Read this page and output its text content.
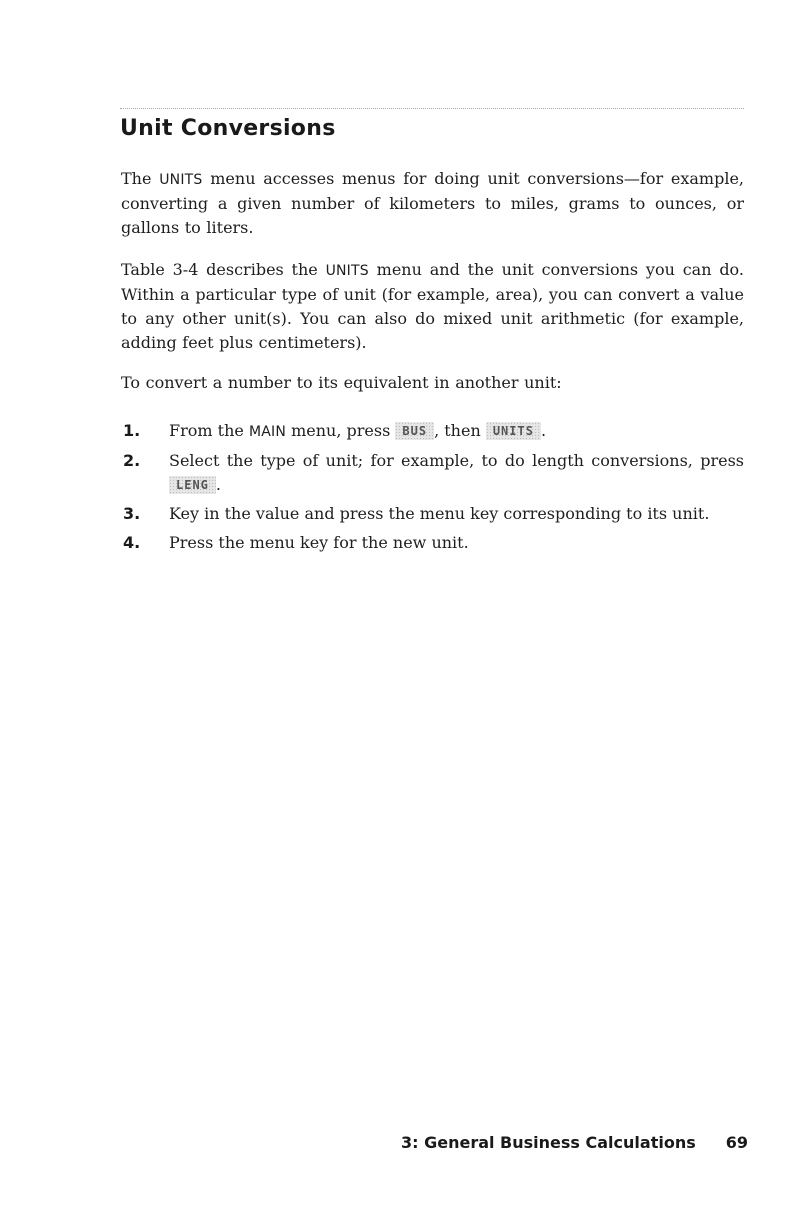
Unit Conversions

The UNITS menu accesses menus for doing unit conversions—for example, converting a given number of kilometers to miles, grams to ounces, or gallons to liters.

Table 3-4 describes the UNITS menu and the unit conversions you can do. Within a particular type of unit (for example, area), you can convert a value to any other unit(s). You can also do mixed unit arithmetic (for example, adding feet plus centimeters).

To convert a number to its equivalent in another unit:

1. From the MAIN menu, press BUS , then UNITS .
2. Select the type of unit; for example, to do length conversions, press LENG .
3. Key in the value and press the menu key corresponding to its unit.
4. Press the menu key for the new unit.
3: General Business Calculations 69
